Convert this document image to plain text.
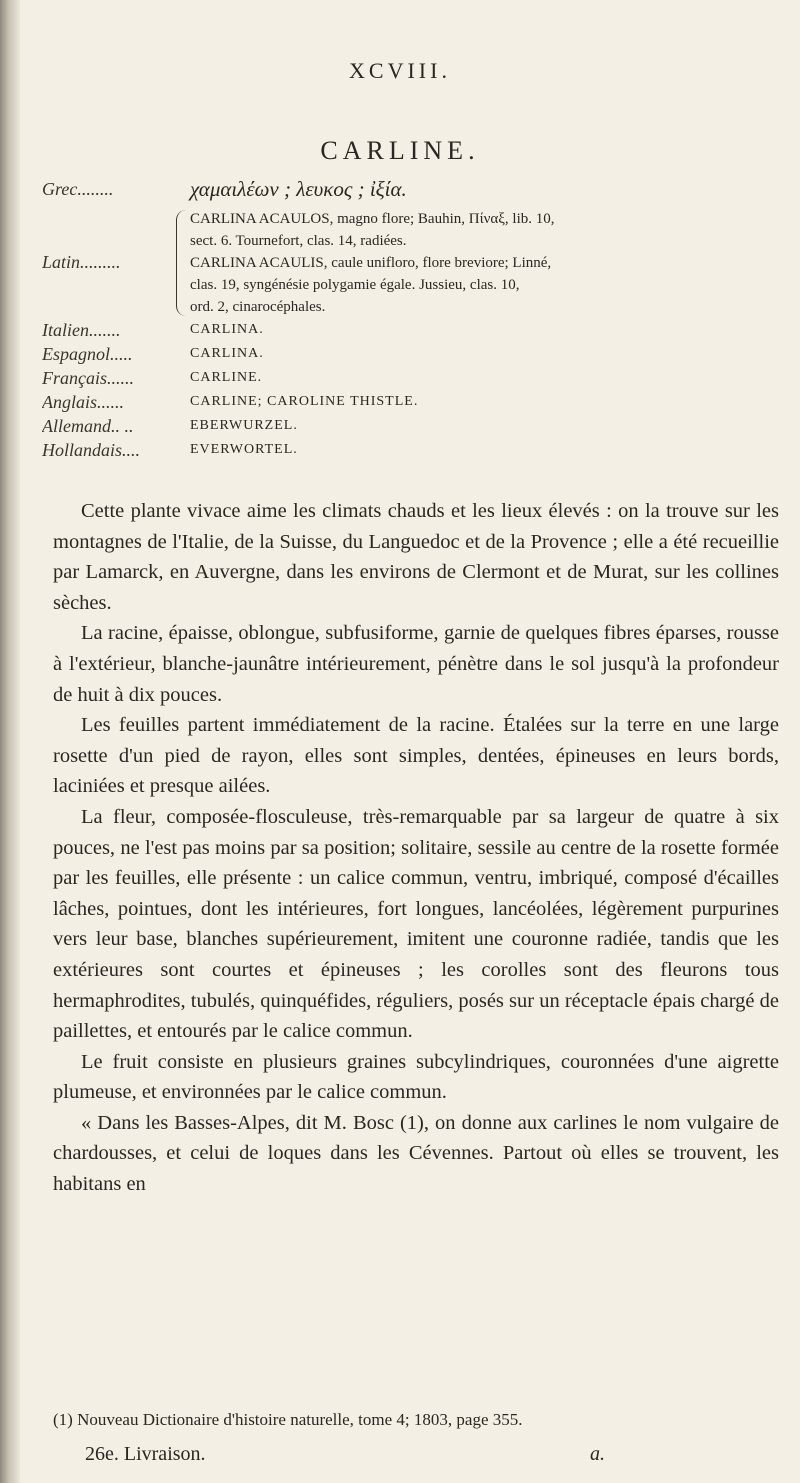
XCVIII.
CARLINE.
Grec........	χαμαιλέων ; λευκος ; ἰξία.
Latin.........
CARLINA ACAULOS, magno flore; Bauhin, Πίναξ, lib. 10,
sect. 6. Tournefort, clas. 14, radiées.
CARLINA ACAULIS, caule unifloro, flore breviore; Linné,
clas. 19, syngénésie polygamie égale. Jussieu, clas. 10,
ord. 2, cinarocéphales.
Italien.......	CARLINA.
Espagnol.....	CARLINA.
Français......	CARLINE.
Anglais......	CARLINE; CAROLINE THISTLE.
Allemand.. ..	EBERWURZEL.
Hollandais....	EVERWORTEL.

Cette plante vivace aime les climats chauds et les lieux élevés : on la trouve sur les montagnes de l'Italie, de la Suisse, du Languedoc et de la Provence ; elle a été recueillie par Lamarck, en Auvergne, dans les environs de Clermont et de Murat, sur les collines sèches.

La racine, épaisse, oblongue, subfusiforme, garnie de quelques fibres éparses, rousse à l'extérieur, blanche-jaunâtre intérieurement, pénètre dans le sol jusqu'à la profondeur de huit à dix pouces.

Les feuilles partent immédiatement de la racine. Étalées sur la terre en une large rosette d'un pied de rayon, elles sont simples, dentées, épineuses en leurs bords, laciniées et presque ailées.

La fleur, composée-flosculeuse, très-remarquable par sa largeur de quatre à six pouces, ne l'est pas moins par sa position; solitaire, sessile au centre de la rosette formée par les feuilles, elle présente : un calice commun, ventru, imbriqué, composé d'écailles lâches, pointues, dont les intérieures, fort longues, lancéolées, légèrement purpurines vers leur base, blanches supérieurement, imitent une couronne radiée, tandis que les extérieures sont courtes et épineuses ; les corolles sont des fleurons tous hermaphrodites, tubulés, quinquéfides, réguliers, posés sur un réceptacle épais chargé de paillettes, et entourés par le calice commun.

Le fruit consiste en plusieurs graines subcylindriques, couronnées d'une aigrette plumeuse, et environnées par le calice commun.

« Dans les Basses-Alpes, dit M. Bosc (1), on donne aux carlines le nom vulgaire de chardousses, et celui de loques dans les Cévennes. Partout où elles se trouvent, les habitans en

(1) Nouveau Dictionaire d'histoire naturelle, tome 4; 1803, page 355.
26e. Livraison.	a.
